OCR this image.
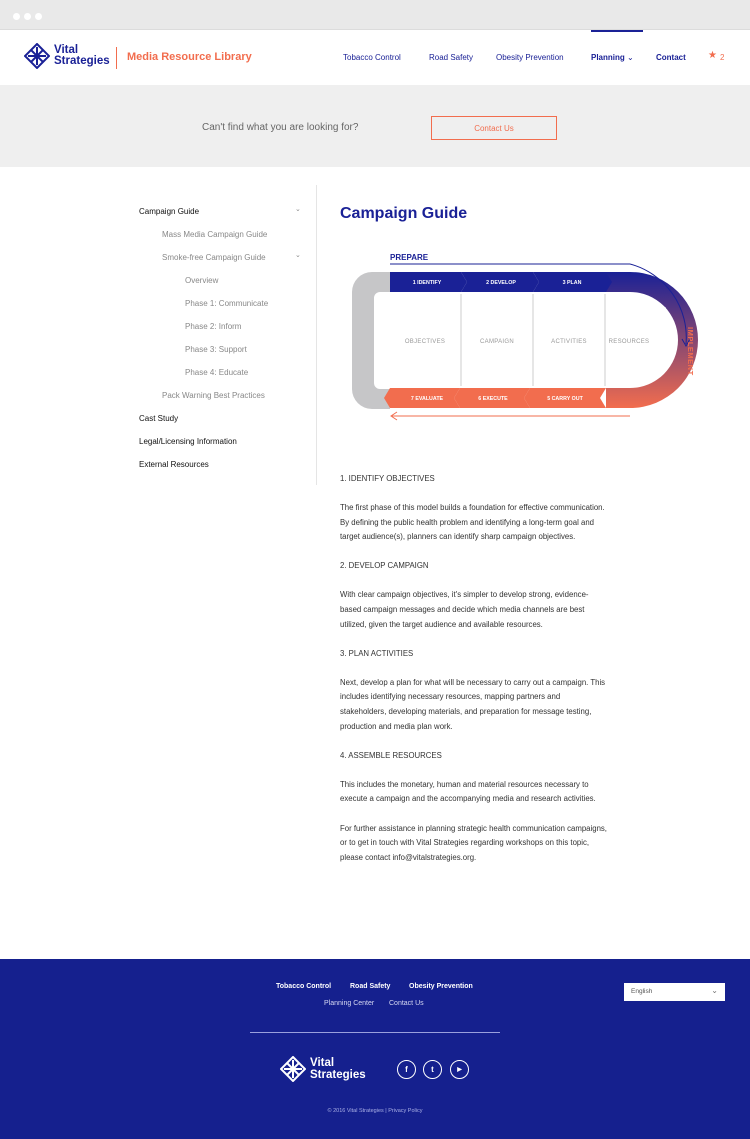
Vital
Strategies Media Resource Library	Tobacco Control	Road Safety	Obesity Prevention	Planning ⌄	Contact ★ 2
Can't find what you are looking for?	Contact Us
Campaign Guide	⌄
Mass Media Campaign Guide
Smoke-free Campaign Guide	⌄
Overview
Phase 1: Communicate
Phase 2: Inform
Phase 3: Support
Phase 4: Educate
Pack Warning Best Practices
Cast Study
Legal/Licensing Information
External Resources
Campaign Guide
PREPARE
IMPLEMENT
1 IDENTIFY	2 DEVELOP	3 PLAN
7 EVALUATE	6 EXECUTE	5 CARRY OUT
4 ASSEMBLE
OBJECTIVES	CAMPAIGN	ACTIVITIES	RESOURCES

1. IDENTIFY OBJECTIVES

The first phase of this model builds a foundation for effective communication. By defining the public health problem and identifying a long-term goal and target audience(s), planners can identify sharp campaign objectives.

2. DEVELOP CAMPAIGN

With clear campaign objectives, it's simpler to develop strong, evidence-based campaign messages and decide which media channels are best utilized, given the target audience and available resources.

3. PLAN ACTIVITIES

Next, develop a plan for what will be necessary to carry out a campaign. This includes identifying necessary resources, mapping partners and stakeholders, developing materials, and preparation for message testing, production and media plan work.

4. ASSEMBLE RESOURCES

This includes the monetary, human and material resources necessary to execute a campaign and the accompanying media and research activities.

For further assistance in planning strategic health communication campaigns, or to get in touch with Vital Strategies regarding workshops on this topic, please contact info@vitalstrategies.org.

Tobacco Control	Road Safety	Obesity Prevention
Planning Center Contact Us
English	⌄
Vital
Strategies	f	t	▶
© 2016 Vital Strategies | Privacy Policy
